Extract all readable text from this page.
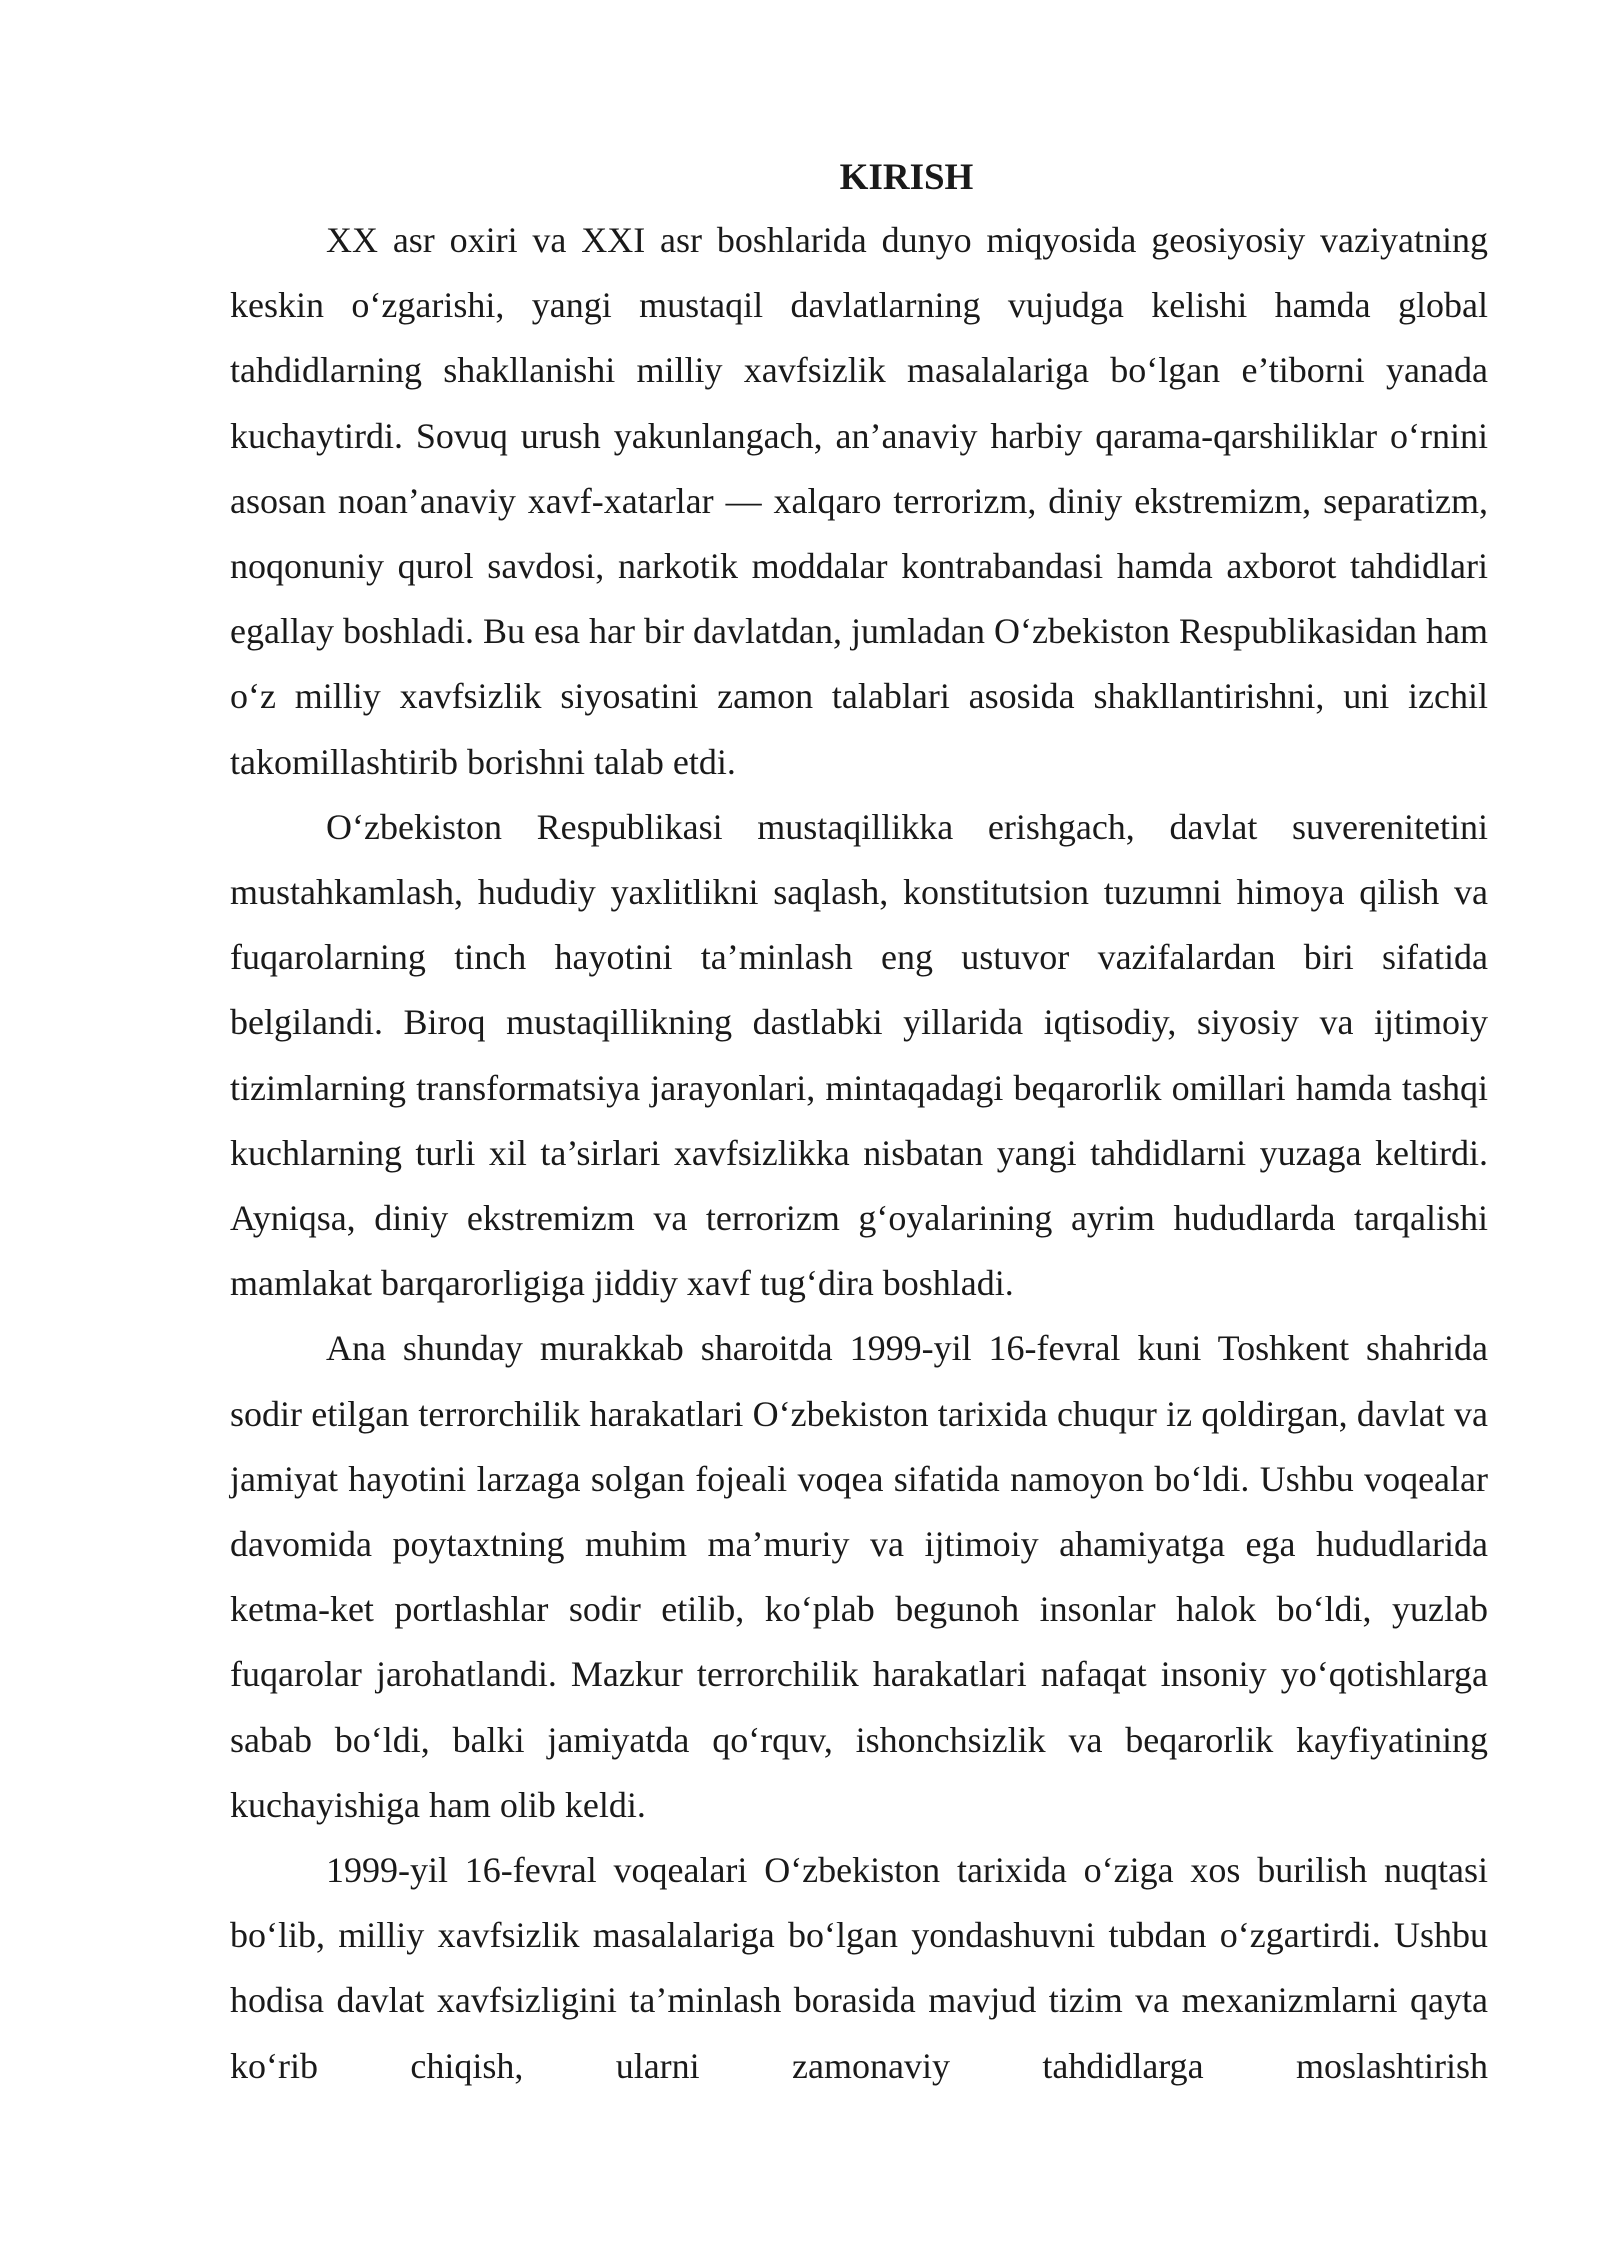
KIRISH

XX asr oxiri va XXI asr boshlarida dunyo miqyosida geosiyosiy vaziyatning keskin o‘zgarishi, yangi mustaqil davlatlarning vujudga kelishi hamda global tahdidlarning shakllanishi milliy xavfsizlik masalalariga bo‘lgan e’tiborni yanada kuchaytirdi. Sovuq urush yakunlangach, an’anaviy harbiy qarama-qarshiliklar o‘rnini asosan noan’anaviy xavf-xatarlar — xalqaro terrorizm, diniy ekstremizm, separatizm, noqonuniy qurol savdosi, narkotik moddalar kontrabandasi hamda axborot tahdidlari egallay boshladi. Bu esa har bir davlatdan, jumladan O‘zbekiston Respublikasidan ham o‘z milliy xavfsizlik siyosatini zamon talablari asosida shakllantirishni, uni izchil takomillashtirib borishni talab etdi.

O‘zbekiston Respublikasi mustaqillikka erishgach, davlat suverenitetini mustahkamlash, hududiy yaxlitlikni saqlash, konstitutsion tuzumni himoya qilish va fuqarolarning tinch hayotini ta’minlash eng ustuvor vazifalardan biri sifatida belgilandi. Biroq mustaqillikning dastlabki yillarida iqtisodiy, siyosiy va ijtimoiy tizimlarning transformatsiya jarayonlari, mintaqadagi beqarorlik omillari hamda tashqi kuchlarning turli xil ta’sirlari xavfsizlikka nisbatan yangi tahdidlarni yuzaga keltirdi. Ayniqsa, diniy ekstremizm va terrorizm g‘oyalarining ayrim hududlarda tarqalishi mamlakat barqarorligiga jiddiy xavf tug‘dira boshladi.

Ana shunday murakkab sharoitda 1999-yil 16-fevral kuni Toshkent shahrida sodir etilgan terrorchilik harakatlari O‘zbekiston tarixida chuqur iz qoldirgan, davlat va jamiyat hayotini larzaga solgan fojeali voqea sifatida namoyon bo‘ldi. Ushbu voqealar davomida poytaxtning muhim ma’muriy va ijtimoiy ahamiyatga ega hududlarida ketma-ket portlashlar sodir etilib, ko‘plab begunoh insonlar halok bo‘ldi, yuzlab fuqarolar jarohatlandi. Mazkur terrorchilik harakatlari nafaqat insoniy yo‘qotishlarga sabab bo‘ldi, balki jamiyatda qo‘rquv, ishonchsizlik va beqarorlik kayfiyatining kuchayishiga ham olib keldi.

1999-yil 16-fevral voqealari O‘zbekiston tarixida o‘ziga xos burilish nuqtasi bo‘lib, milliy xavfsizlik masalalariga bo‘lgan yondashuvni tubdan o‘zgartirdi. Ushbu hodisa davlat xavfsizligini ta’minlash borasida mavjud tizim va mexanizmlarni qayta ko‘rib chiqish, ularni zamonaviy tahdidlarga moslashtirish
